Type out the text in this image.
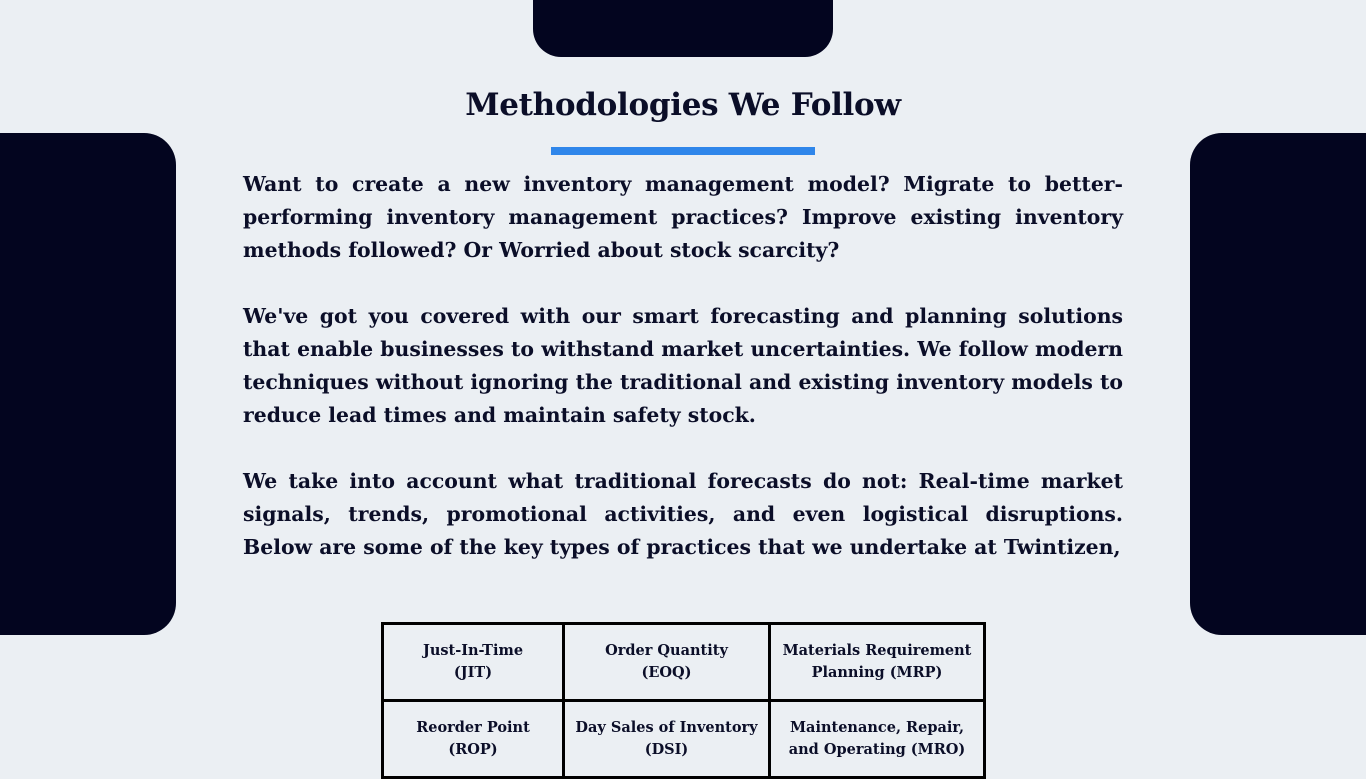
Methodologies We Follow

Want to create a new inventory management model? Migrate to better-performing inventory management practices? Improve existing inventory methods followed? Or Worried about stock scarcity?

We've got you covered with our smart forecasting and planning solutions that enable businesses to withstand market uncertainties. We follow modern techniques without ignoring the traditional and existing inventory models to reduce lead times and maintain safety stock.

We take into account what traditional forecasts do not: Real-time market signals, trends, promotional activities, and even logistical disruptions. Below are some of the key types of practices that we undertake at Twintizen,

Just-In-Time
(JIT)	Order Quantity
(EOQ)	Materials Requirement
Planning (MRP)

Reorder Point
(ROP)	Day Sales of Inventory
(DSI)	Maintenance, Repair,
and Operating (MRO)
